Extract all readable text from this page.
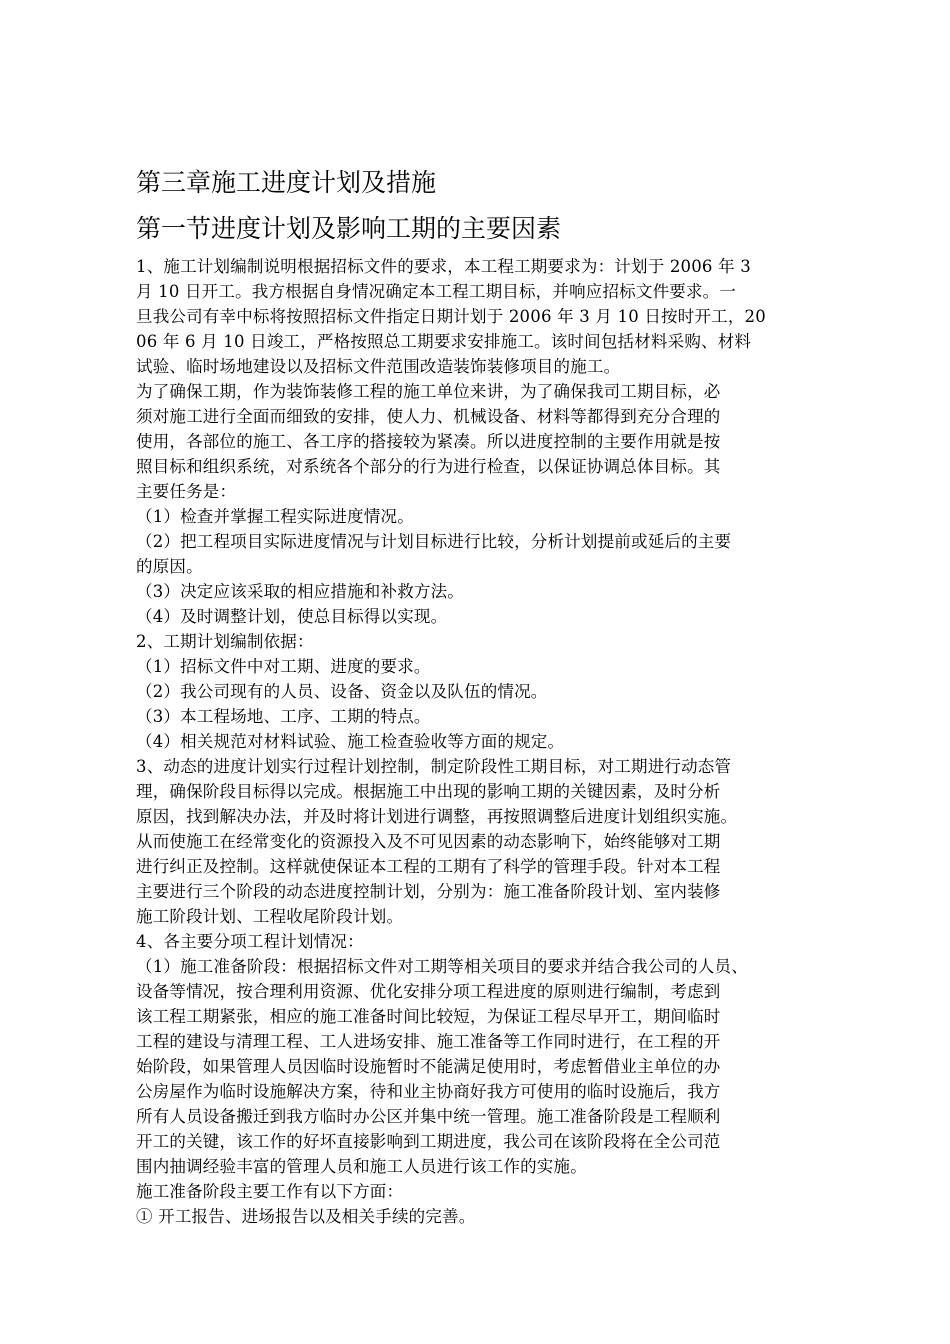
第三章施工进度计划及措施
第一节进度计划及影响工期的主要因素
1、施工计划编制说明根据招标文件的要求，本工程工期要求为：计划于 2006 年 3
月 10 日开工。我方根据自身情况确定本工程工期目标，并响应招标文件要求。一
旦我公司有幸中标将按照招标文件指定日期计划于 2006 年 3 月 10 日按时开工，20
06 年 6 月 10 日竣工，严格按照总工期要求安排施工。该时间包括材料采购、材料
试验、临时场地建设以及招标文件范围改造装饰装修项目的施工。
为了确保工期，作为装饰装修工程的施工单位来讲，为了确保我司工期目标，必
须对施工进行全面而细致的安排，使人力、机械设备、材料等都得到充分合理的
使用，各部位的施工、各工序的搭接较为紧凑。所以进度控制的主要作用就是按
照目标和组织系统，对系统各个部分的行为进行检查，以保证协调总体目标。其
主要任务是：
（1）检查并掌握工程实际进度情况。
（2）把工程项目实际进度情况与计划目标进行比较，分析计划提前或延后的主要
的原因。
（3）决定应该采取的相应措施和补救方法。
（4）及时调整计划，使总目标得以实现。
2、工期计划编制依据：
（1）招标文件中对工期、进度的要求。
（2）我公司现有的人员、设备、资金以及队伍的情况。
（3）本工程场地、工序、工期的特点。
（4）相关规范对材料试验、施工检查验收等方面的规定。
3、动态的进度计划实行过程计划控制，制定阶段性工期目标，对工期进行动态管
理，确保阶段目标得以完成。根据施工中出现的影响工期的关键因素，及时分析
原因，找到解决办法，并及时将计划进行调整，再按照调整后进度计划组织实施。
从而使施工在经常变化的资源投入及不可见因素的动态影响下，始终能够对工期
进行纠正及控制。这样就使保证本工程的工期有了科学的管理手段。针对本工程
主要进行三个阶段的动态进度控制计划，分别为：施工准备阶段计划、室内装修
施工阶段计划、工程收尾阶段计划。
4、各主要分项工程计划情况：
（1）施工准备阶段：根据招标文件对工期等相关项目的要求并结合我公司的人员、
设备等情况，按合理利用资源、优化安排分项工程进度的原则进行编制，考虑到
该工程工期紧张，相应的施工准备时间比较短，为保证工程尽早开工，期间临时
工程的建设与清理工程、工人进场安排、施工准备等工作同时进行，在工程的开
始阶段，如果管理人员因临时设施暂时不能满足使用时，考虑暂借业主单位的办
公房屋作为临时设施解决方案，待和业主协商好我方可使用的临时设施后，我方
所有人员设备搬迁到我方临时办公区并集中统一管理。施工准备阶段是工程顺利
开工的关键，该工作的好坏直接影响到工期进度，我公司在该阶段将在全公司范
围内抽调经验丰富的管理人员和施工人员进行该工作的实施。
施工准备阶段主要工作有以下方面：
① 开工报告、进场报告以及相关手续的完善。
